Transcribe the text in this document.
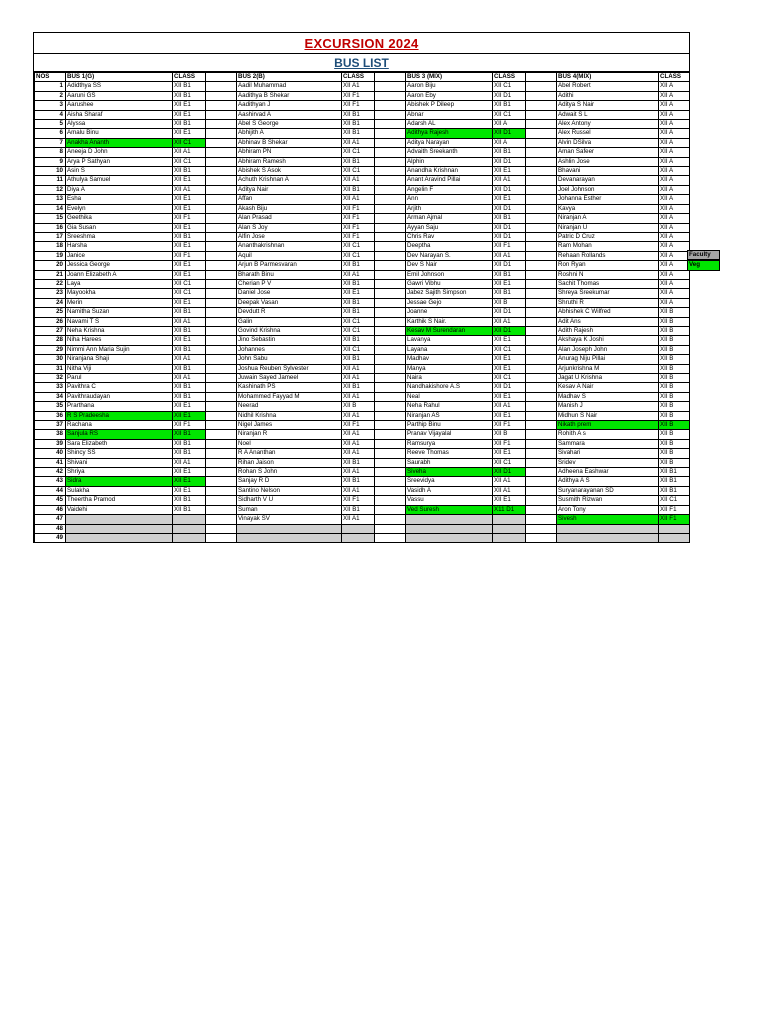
EXCURSION 2024
BUS LIST
NOS	BUS 1(G)	CLASS		BUS 2(B)	CLASS		BUS 3 (MIX)	CLASS		BUS 4(MIX)	CLASS
1	Adidthya SS	XII B1		Aadil Muhammad	XII A1		Aaron Biju	XII C1		Abel Robert	XII A
2	Aaruni GS	XII B1		Aadithya B Shekar	XII F1		Aaron Eby	XII D1		Adithi	XII A
3	Aarushee	XII E1		Aadithyan J	XII F1		Abishek P Dileep	XII B1		Aditya S Nair	XII A
4	Aisha Sharaf	XII E1		Aashirvad A	XII B1		Abnar	XII C1		Adwait S L	XII A
5	Alyssa	XII B1		Abel S George	XII B1		Adarsh AL	XII A		Alex Antony	XII A
6	Amalu Binu	XII E1		Abhijith A	XII B1		Adithya Rajesh	XII D1		Alex Russel	XII A
7	Anakha Ananth	XII C1		Abhinav B Shekar	XII A1		Aditya Narayan	XII A		Alvin DSilva	XII A
8	Aneeja D John	XII A1		Abhiram PN	XII C1		Advaith Sreekanth	XII B1		Aman Safeer	XII A
9	Arya P Sathyan	XII C1		Abhiram Ramesh	XII B1		Alphin	XII D1		Ashlin Jose	XII A
10	Asin S	XII B1		Abishek S Asok	XII C1		Anandha Krishnan	XII E1		Bhavani	XII A
11	Athulya Samuel	XII E1		Achuth Krishnan A	XII A1		Anant Aravind Pillai	XII A1		Devanarayan	XII A
12	Diya A	XII A1		Aditya Nair	XII B1		Angelin F	XII D1		Joel Johnson	XII A
13	Esha	XII E1		Affan	XII A1		Ann	XII E1		Johanna Esther	XII A
14	Evelyn	XII E1		Akash Biju	XII F1		Arjith	XII D1		Kavya	XII A
15	Geethika	XII F1		Alan Prasad	XII F1		Arman Ajmal	XII B1		Niranjan A	XII A
16	Gia Susan	XII E1		Alan S Joy	XII F1		Ayyan Saju	XII D1		Niranjan U	XII A
17	Sreeshma	XII B1		Alfin Jose	XII F1		Chris Rav	XII D1		Patric D Cruz	XII A
18	Harsha	XII E1		Ananthakrishnan	XII C1		Deeptha	XII F1		Ram Mohan	XII A
19	Janice	XII F1		Aquil	XII C1		Dev Narayan S.	XII A1		Rehaan Rollands	XII A
20	Jessica George	XII E1		Arjun B Parmesvaran	XII B1		Dev S Nair	XII D1		Ron Ryan	XII A
21	Joann Elizabeth A	XII E1		Bharath Binu	XII A1		Emil Johnson	XII B1		Roshni N	XII A
22	Laya	XII C1		Cherian P V	XII B1		Gawri Vibhu	XII E1		Sachit Thomas	XII A
23	Mayookha	XII C1		Daniel Jose	XII E1		Jabez Sajith Simpson	XII B1		Shreya Sreekumar	XII A
24	Merin	XII E1		Deepak Vasan	XII B1		Jessae Gejo	XII B		Shruthi R	XII A
25	Namitha Suzan	XII B1		Devdutt R	XII B1		Joanne	XII D1		Abhishek C Wilfred	XII B
26	Navami T S	XII A1		Galin	XII C1		Karthik S Nair.	XII A1		Adit Ans	XII B
27	Neha Krishna	XII B1		Govind Krishna	XII C1		Kesav M Surendaran	XII D1		Adith Rajesh	XII B
28	Niha Harees	XII E1		Jino Sebastin	XII B1		Lavanya	XII E1		Akshaya K Joshi	XII B
29	Nimmi Ann Maria Sujin	XII B1		Johannes	XII C1		Layana	XII C1		Alan Joseph John	XII B
30	Niranjana Shaji	XII A1		John Sabu	XII B1		Madhav	XII E1		Anurag Niju Pillai	XII B
31	Nitha Viji	XII B1		Joshua Reuben Sylvester	XII A1		Manya	XII E1		Arjunkrishna M	XII B
32	Parul	XII A1		Juwain Sayed Jameel	XII A1		Naira	XII C1		Jagat U Krishna	XII B
33	Pavithra C	XII B1		Kashinath PS	XII B1		Nandhakishore A.S	XII D1		Kesav A Nair	XII B
34	Pavithraudayan	XII B1		Mohammed Fayyad M	XII A1		Neal	XII E1		Madhav S	XII B
35	Prarthana	XII E1		Neerad	XII B		Neha Rahul	XII A1		Manish J	XII B
36	R S Pradeesha	XII E1		Nidhil Krishna	XII A1		Niranjan AS	XII E1		Midhun S Nair	XII B
37	Rachana	XII F1		Nigel James	XII F1		Parthip Binu	XII F1		Nikath prem	XII B
38	Sanjula RS	XII B1		Niranjan R	XII A1		Pranav Vijayalal	XII B		Rohith A s	XII B
39	Sara Elizabeth	XII B1		Noel	XII A1		Ramsurya	XII F1		Sammara	XII B
40	Shincy SS	XII B1		R A Ananthan	XII A1		Reeve Thomas	XII E1		Sivahari	XII B
41	Shivani	XII A1		Rihan Jaison	XII B1		Saurabh	XII C1		Sridev	XII B
42	Shriya	XII E1		Rohan S John	XII A1		Siveha	XII D1		Adheena Eashwar	XII B1
43	Sidra	XII E1		Sanjay R D	XII B1		Sreevidya	XII A1		Adithya A S	XII B1
44	Sulakha	XII E1		Santino Nelson	XII A1		Vasidh A	XII A1		Suryanarayanan SD	XII B1
45	Theertha Pramod	XII B1		Sidharth V U	XII F1		Vassu	XII E1		Susmith Rizwan	XII C1
46	Vaidehi	XII B1		Suman	XII B1		Ved Suresh	X11 D1		Aron Tony	XII F1
47				Vinayak SV	XII A1					Sivesh	XII F1
48											
49											
Faculty
Veg
